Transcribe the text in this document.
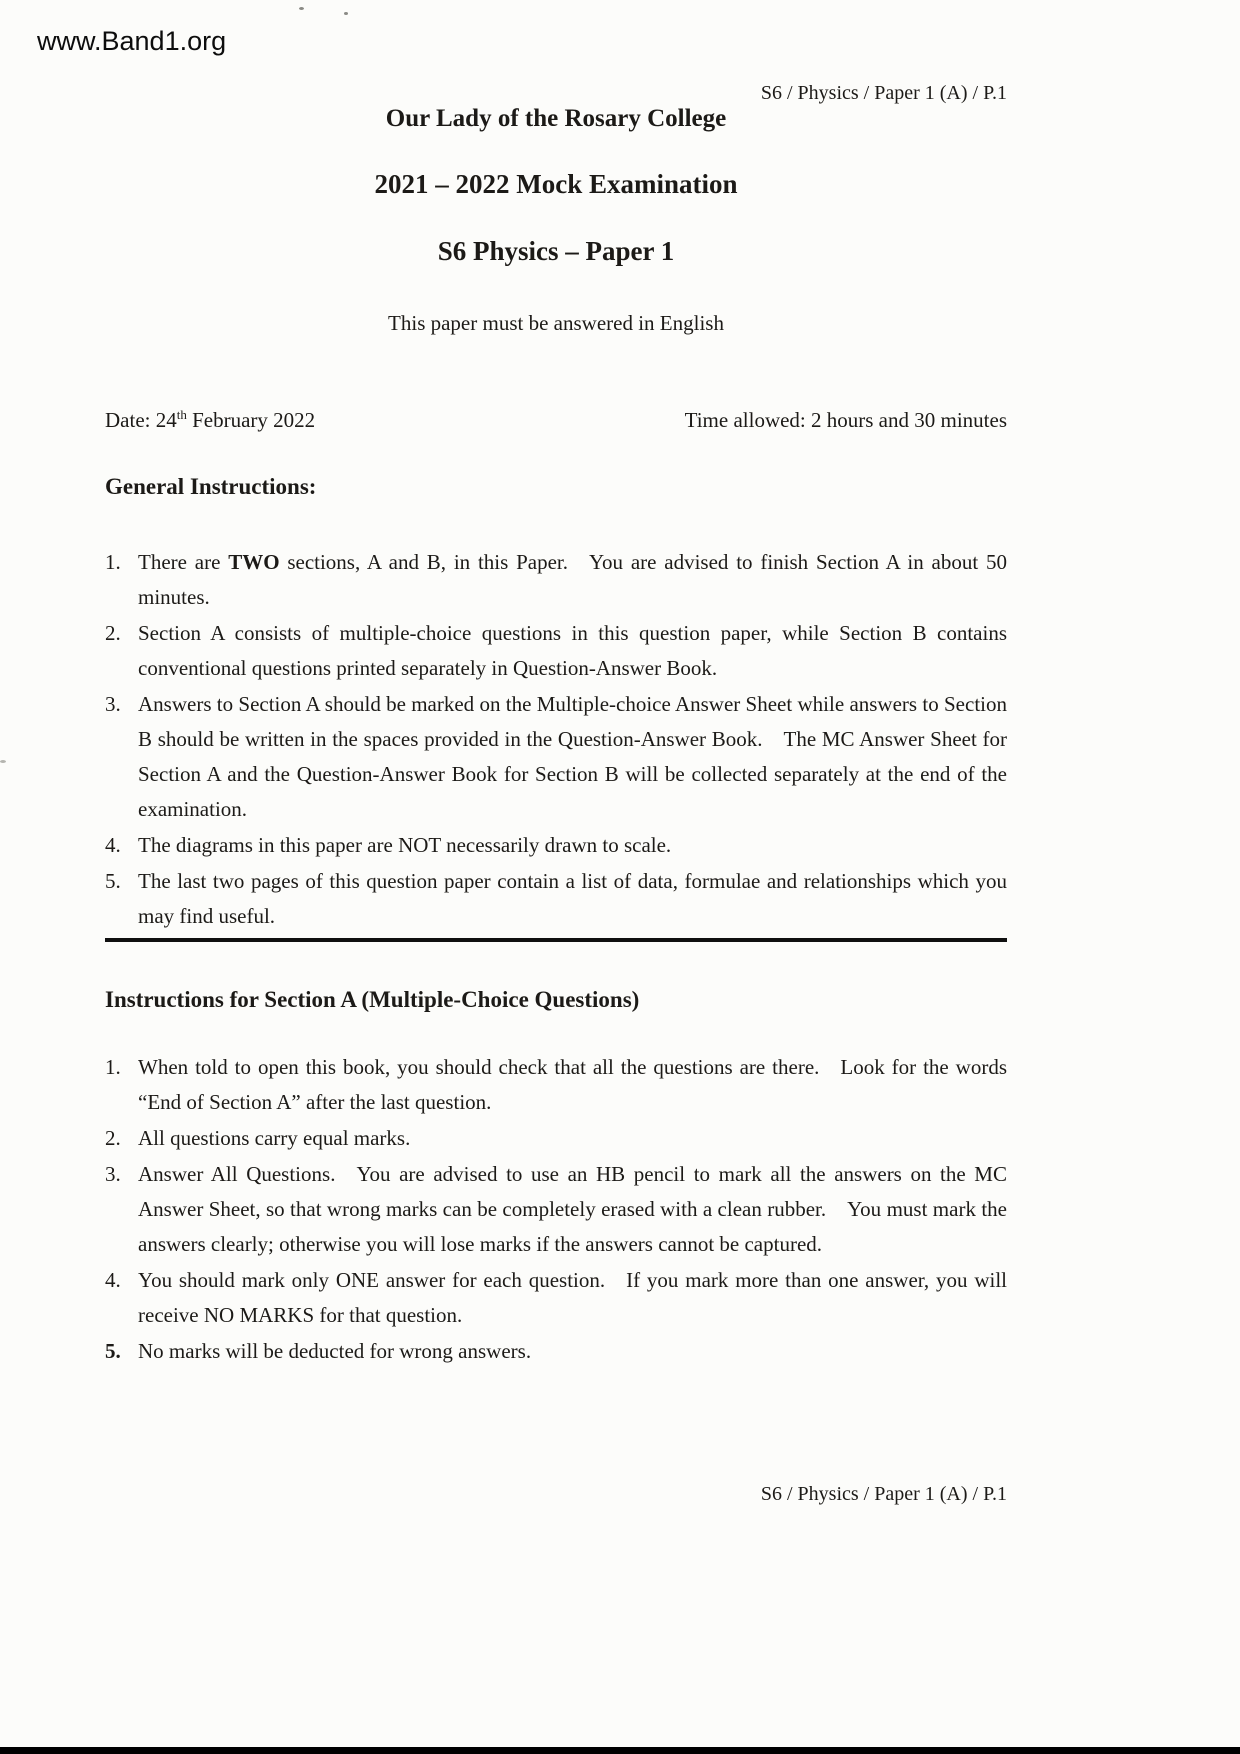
www.Band1.org
S6 / Physics / Paper 1 (A) / P.1
Our Lady of the Rosary College
2021 – 2022 Mock Examination
S6 Physics – Paper 1
This paper must be answered in English
Date: 24th February 2022	Time allowed: 2 hours and 30 minutes
General Instructions:
1. There are TWO sections, A and B, in this Paper. You are advised to finish Section A in about 50 minutes.
2. Section A consists of multiple-choice questions in this question paper, while Section B contains conventional questions printed separately in Question-Answer Book.
3. Answers to Section A should be marked on the Multiple-choice Answer Sheet while answers to Section B should be written in the spaces provided in the Question-Answer Book. The MC Answer Sheet for Section A and the Question-Answer Book for Section B will be collected separately at the end of the examination.
4. The diagrams in this paper are NOT necessarily drawn to scale.
5. The last two pages of this question paper contain a list of data, formulae and relationships which you may find useful.
Instructions for Section A (Multiple-Choice Questions)
1. When told to open this book, you should check that all the questions are there. Look for the words “End of Section A” after the last question.
2. All questions carry equal marks.
3. Answer All Questions. You are advised to use an HB pencil to mark all the answers on the MC Answer Sheet, so that wrong marks can be completely erased with a clean rubber. You must mark the answers clearly; otherwise you will lose marks if the answers cannot be captured.
4. You should mark only ONE answer for each question. If you mark more than one answer, you will receive NO MARKS for that question.
5. No marks will be deducted for wrong answers.
S6 / Physics / Paper 1 (A) / P.1
